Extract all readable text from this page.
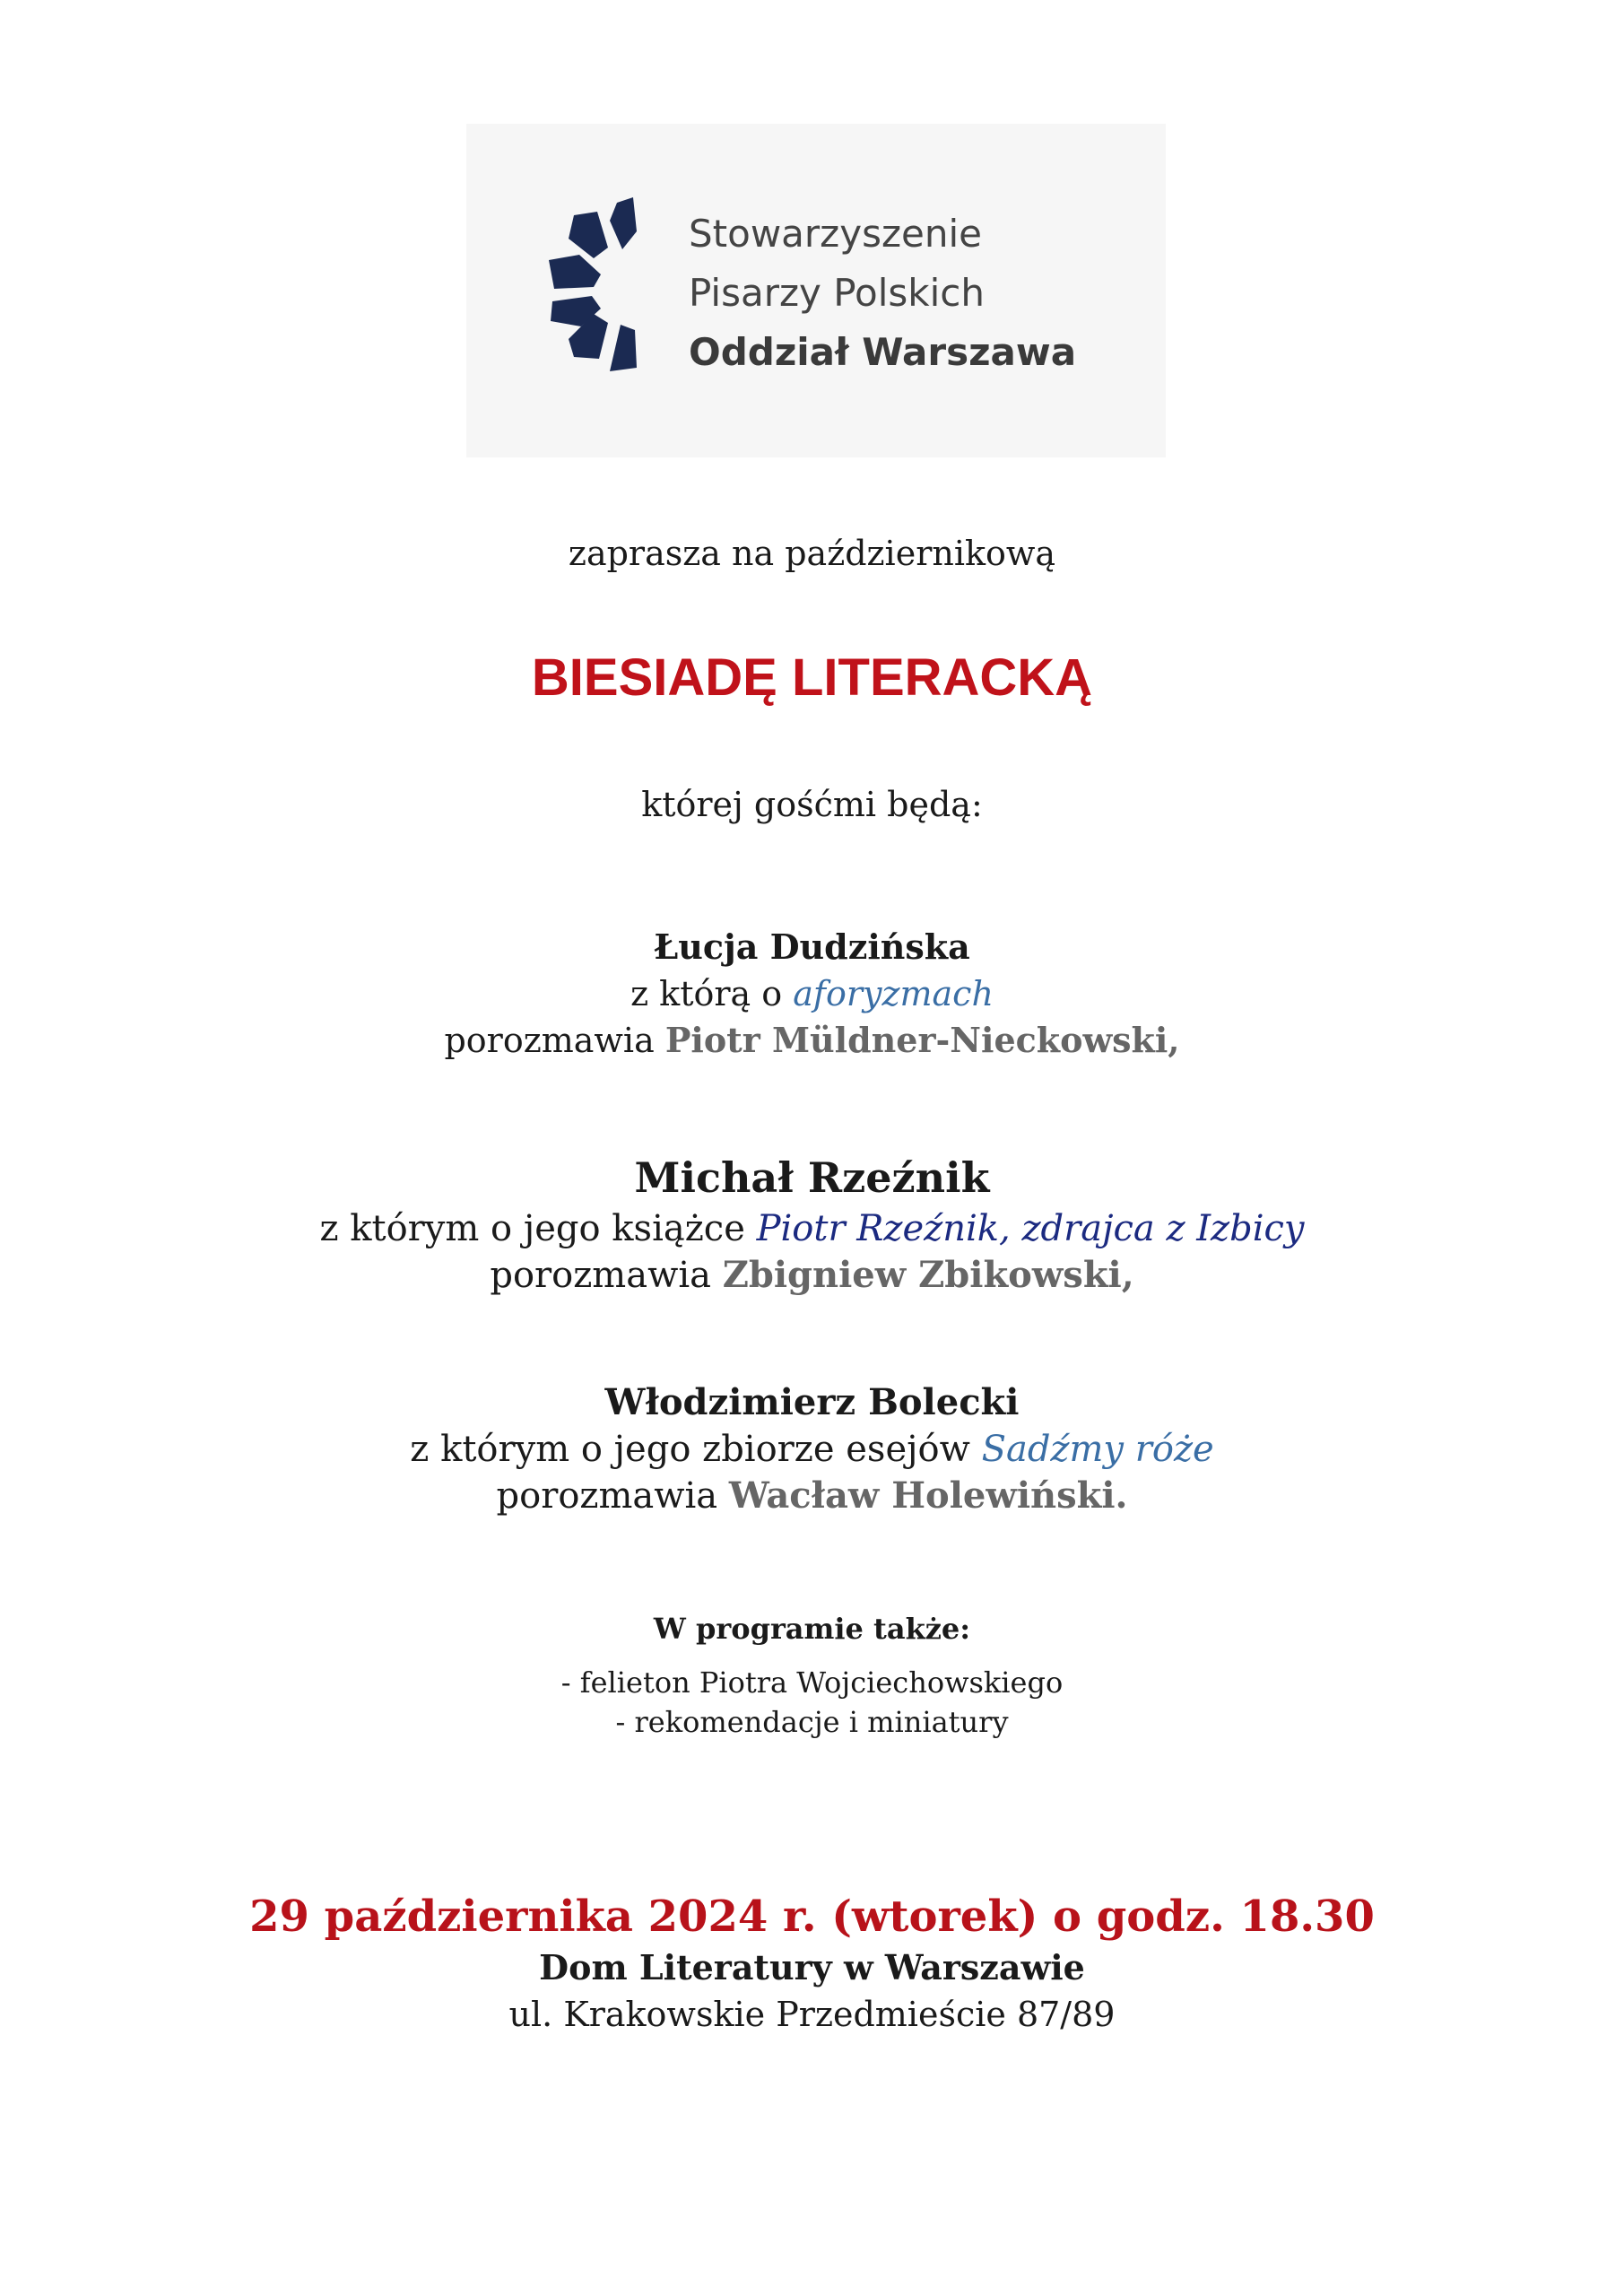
Stowarzyszenie
Pisarzy Polskich
Oddział Warszawa
zaprasza na październikową
BIESIADĘ LITERACKĄ
której gośćmi będą:
Łucja Dudzińska
z którą o aforyzmach
porozmawia Piotr Müldner-Nieckowski,
Michał Rzeźnik
z którym o jego książce Piotr Rzeźnik, zdrajca z Izbicy
porozmawia Zbigniew Zbikowski,
Włodzimierz Bolecki
z którym o jego zbiorze esejów Sadźmy róże
porozmawia Wacław Holewiński.
W programie także:
- felieton Piotra Wojciechowskiego
- rekomendacje i miniatury
29 października 2024 r. (wtorek) o godz. 18.30
Dom Literatury w Warszawie
ul. Krakowskie Przedmieście 87/89
